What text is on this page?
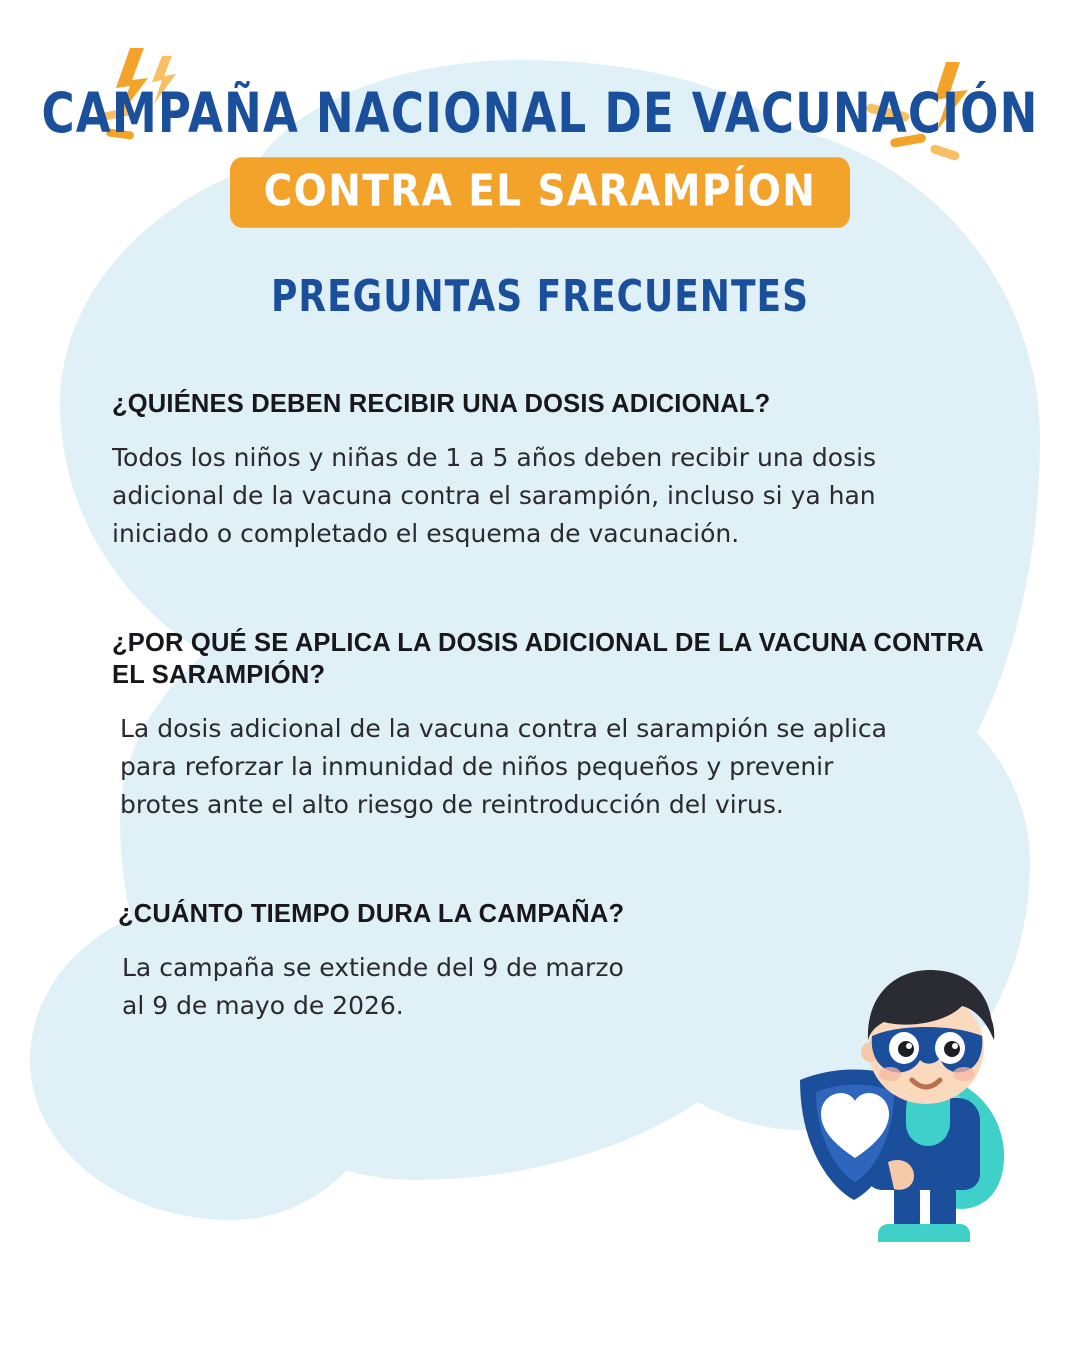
CAMPAÑA NACIONAL DE VACUNACIÓN
CONTRA EL SARAMPÍON
PREGUNTAS FRECUENTES
¿QUIÉNES DEBEN RECIBIR UNA DOSIS ADICIONAL?

Todos los niños y niñas de 1 a 5 años deben recibir una dosis adicional de la vacuna contra el sarampión, incluso si ya han iniciado o completado el esquema de vacunación.

¿POR QUÉ SE APLICA LA DOSIS ADICIONAL DE LA VACUNA CONTRA EL SARAMPIÓN?

La dosis adicional de la vacuna contra el sarampión se aplica para reforzar la inmunidad de niños pequeños y prevenir brotes ante el alto riesgo de reintroducción del virus.

¿CUÁNTO TIEMPO DURA LA CAMPAÑA?

La campaña se extiende del 9 de marzo al 9 de mayo de 2026.
